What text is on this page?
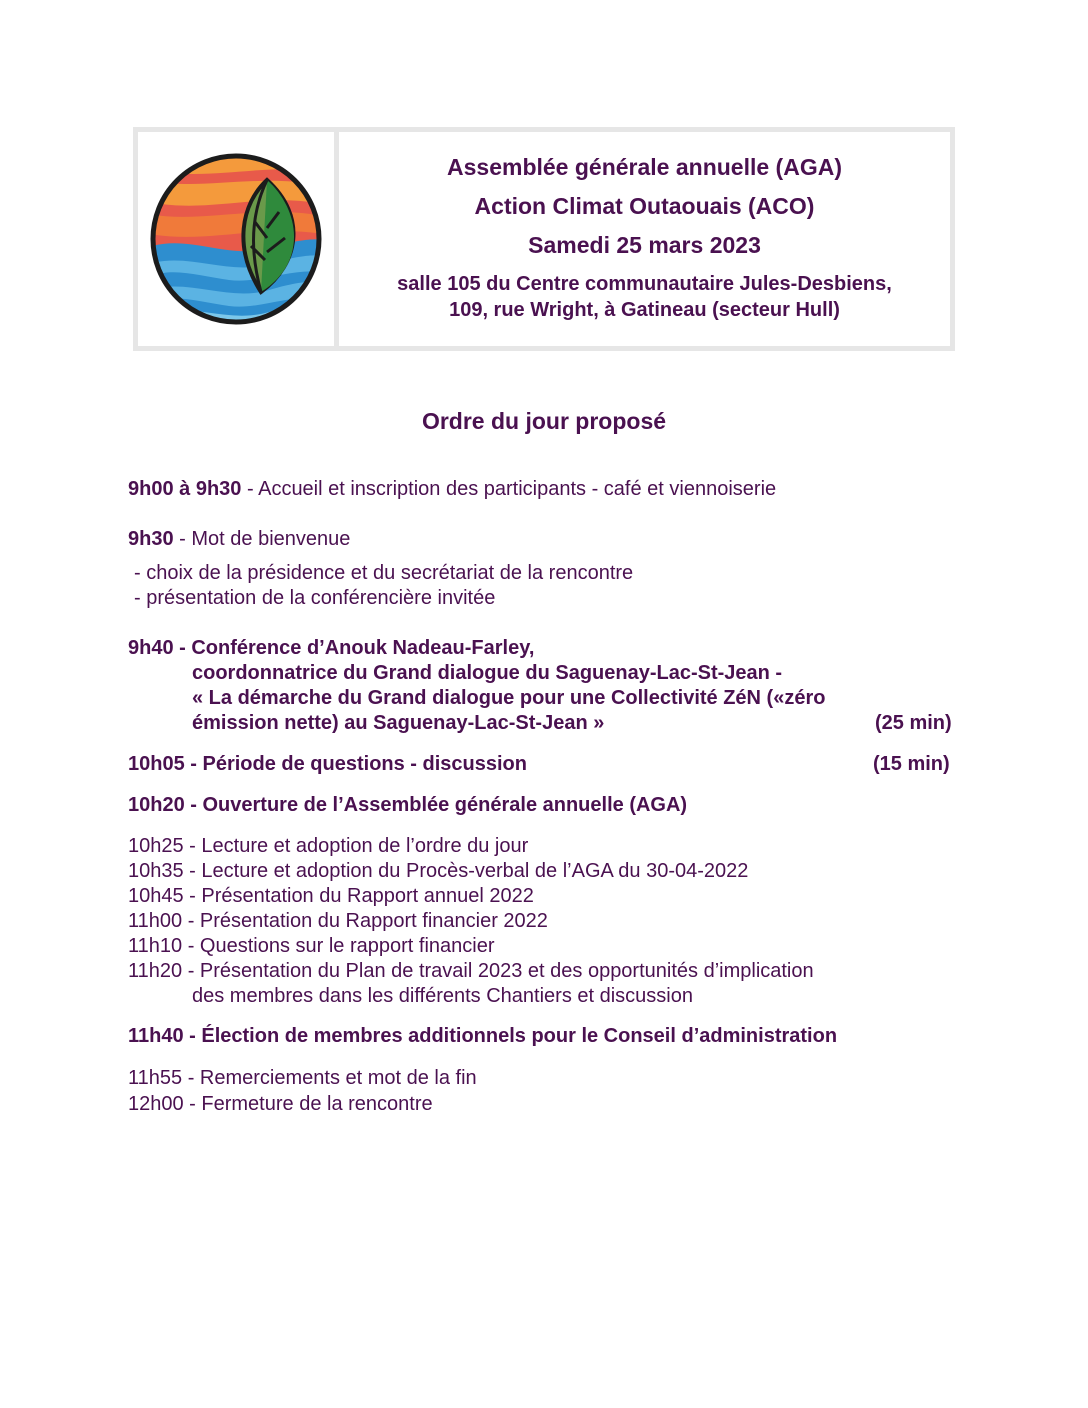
Assemblée générale annuelle (AGA)
Action Climat Outaouais (ACO)
Samedi 25 mars 2023
salle 105 du Centre communautaire Jules-Desbiens,
109, rue Wright, à Gatineau (secteur Hull)
Ordre du jour proposé
9h00 à 9h30 - Accueil et inscription des participants - café et viennoiserie
9h30 - Mot de bienvenue
- choix de la présidence et du secrétariat de la rencontre
- présentation de la conférencière invitée
9h40 - Conférence d’Anouk Nadeau-Farley,
coordonnatrice du Grand dialogue du Saguenay-Lac-St-Jean -
« La démarche du Grand dialogue pour une Collectivité ZéN («zéro
émission nette) au Saguenay-Lac-St-Jean »	(25 min)
10h05 - Période de questions - discussion	(15 min)
10h20 - Ouverture de l’Assemblée générale annuelle (AGA)
10h25 - Lecture et adoption de l’ordre du jour
10h35 - Lecture et adoption du Procès-verbal de l’AGA du 30-04-2022
10h45 - Présentation du Rapport annuel 2022
11h00 - Présentation du Rapport financier 2022
11h10 - Questions sur le rapport financier
11h20 - Présentation du Plan de travail 2023 et des opportunités d’implication
des membres dans les différents Chantiers et discussion
11h40 - Élection de membres additionnels pour le Conseil d’administration
11h55 - Remerciements et mot de la fin
12h00 - Fermeture de la rencontre
